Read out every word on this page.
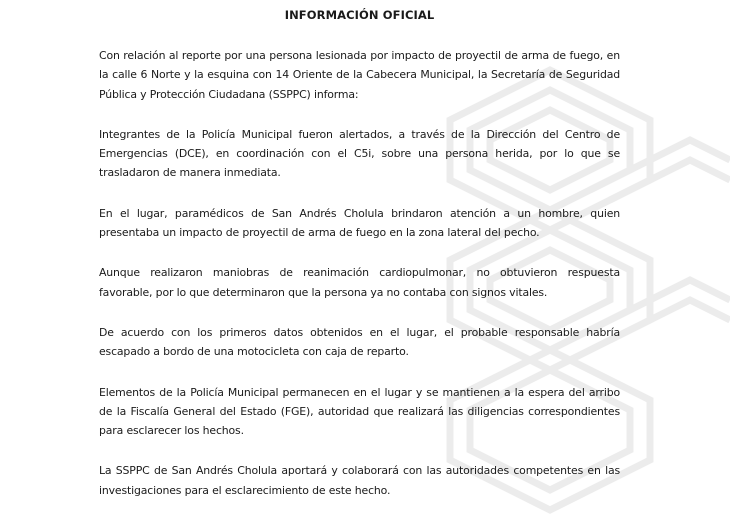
INFORMACIÓN OFICIAL

Con relación al reporte por una persona lesionada por impacto de proyectil de arma de fuego, en la calle 6 Norte y la esquina con 14 Oriente de la Cabecera Municipal, la Secretaría de Seguridad Pública y Protección Ciudadana (SSPPC) informa:

Integrantes de la Policía Municipal fueron alertados, a través de la Dirección del Centro de Emergencias (DCE), en coordinación con el C5i, sobre una persona herida, por lo que se trasladaron de manera inmediata.

En el lugar, paramédicos de San Andrés Cholula brindaron atención a un hombre, quien presentaba un impacto de proyectil de arma de fuego en la zona lateral del pecho.

Aunque realizaron maniobras de reanimación cardiopulmonar, no obtuvieron respuesta favorable, por lo que determinaron que la persona ya no contaba con signos vitales.

De acuerdo con los primeros datos obtenidos en el lugar, el probable responsable habría escapado a bordo de una motocicleta con caja de reparto.

Elementos de la Policía Municipal permanecen en el lugar y se mantienen a la espera del arribo de la Fiscalía General del Estado (FGE), autoridad que realizará las diligencias correspondientes para esclarecer los hechos.

La SSPPC de San Andrés Cholula aportará y colaborará con las autoridades competentes en las investigaciones para el esclarecimiento de este hecho.
